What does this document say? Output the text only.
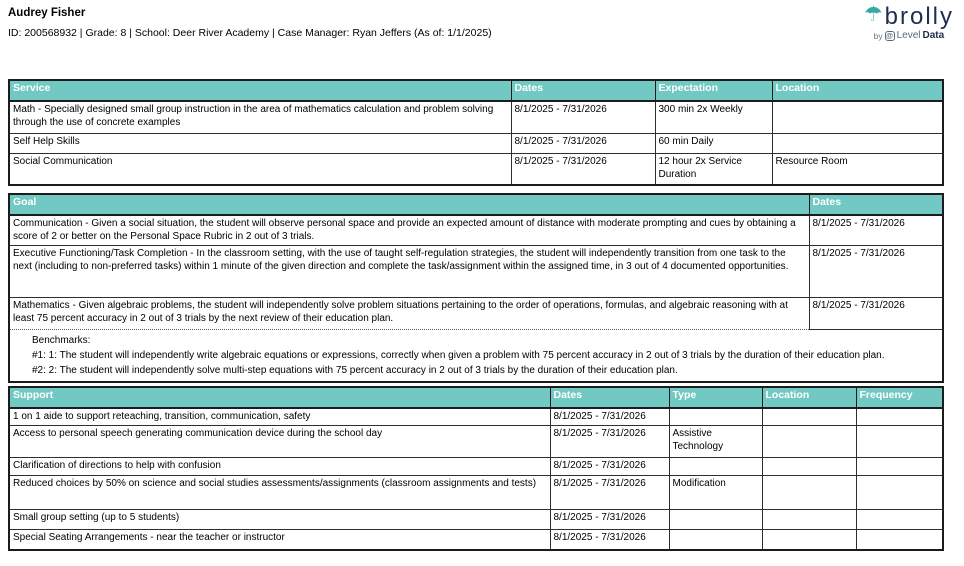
Audrey Fisher
ID: 200568932 | Grade: 8 | School: Deer River Academy | Case Manager: Ryan Jeffers (As of: 1/1/2025)
☂ brolly
by @ Level Data
Service	Dates	Expectation	Location
Math - Specially designed small group instruction in the area of mathematics calculation and problem solving through the use of concrete examples	8/1/2025 - 7/31/2026	300 min 2x Weekly	
Self Help Skills	8/1/2025 - 7/31/2026	60 min Daily	
Social Communication	8/1/2025 - 7/31/2026	12 hour 2x Service Duration	Resource Room
Goal	Dates
Communication - Given a social situation, the student will observe personal space and provide an expected amount of distance with moderate prompting and cues by obtaining a score of 2 or better on the Personal Space Rubric in 2 out of 3 trials.	8/1/2025 - 7/31/2026
Executive Functioning/Task Completion - In the classroom setting, with the use of taught self-regulation strategies, the student will independently transition from one task to the next (including to non-preferred tasks) within 1 minute of the given direction and complete the task/assignment within the assigned time, in 3 out of 4 documented opportunities.	8/1/2025 - 7/31/2026
Mathematics - Given algebraic problems, the student will independently solve problem situations pertaining to the order of operations, formulas, and algebraic reasoning with at least 75 percent accuracy in 2 out of 3 trials by the next review of their education plan.	8/1/2025 - 7/31/2026

Benchmarks:
#1: 1: The student will independently write algebraic equations or expressions, correctly when given a problem with 75 percent accuracy in 2 out of 3 trials by the duration of their education plan.
#2: 2: The student will independently solve multi-step equations with 75 percent accuracy in 2 out of 3 trials by the duration of their education plan.	
Support	Dates	Type	Location	Frequency
1 on 1 aide to support reteaching, transition, communication, safety	8/1/2025 - 7/31/2026			
Access to personal speech generating communication device during the school day	8/1/2025 - 7/31/2026	Assistive Technology		
Clarification of directions to help with confusion	8/1/2025 - 7/31/2026			
Reduced choices by 50% on science and social studies assessments/assignments (classroom assignments and tests)	8/1/2025 - 7/31/2026	Modification		
Small group setting (up to 5 students)	8/1/2025 - 7/31/2026			
Special Seating Arrangements - near the teacher or instructor	8/1/2025 - 7/31/2026			
